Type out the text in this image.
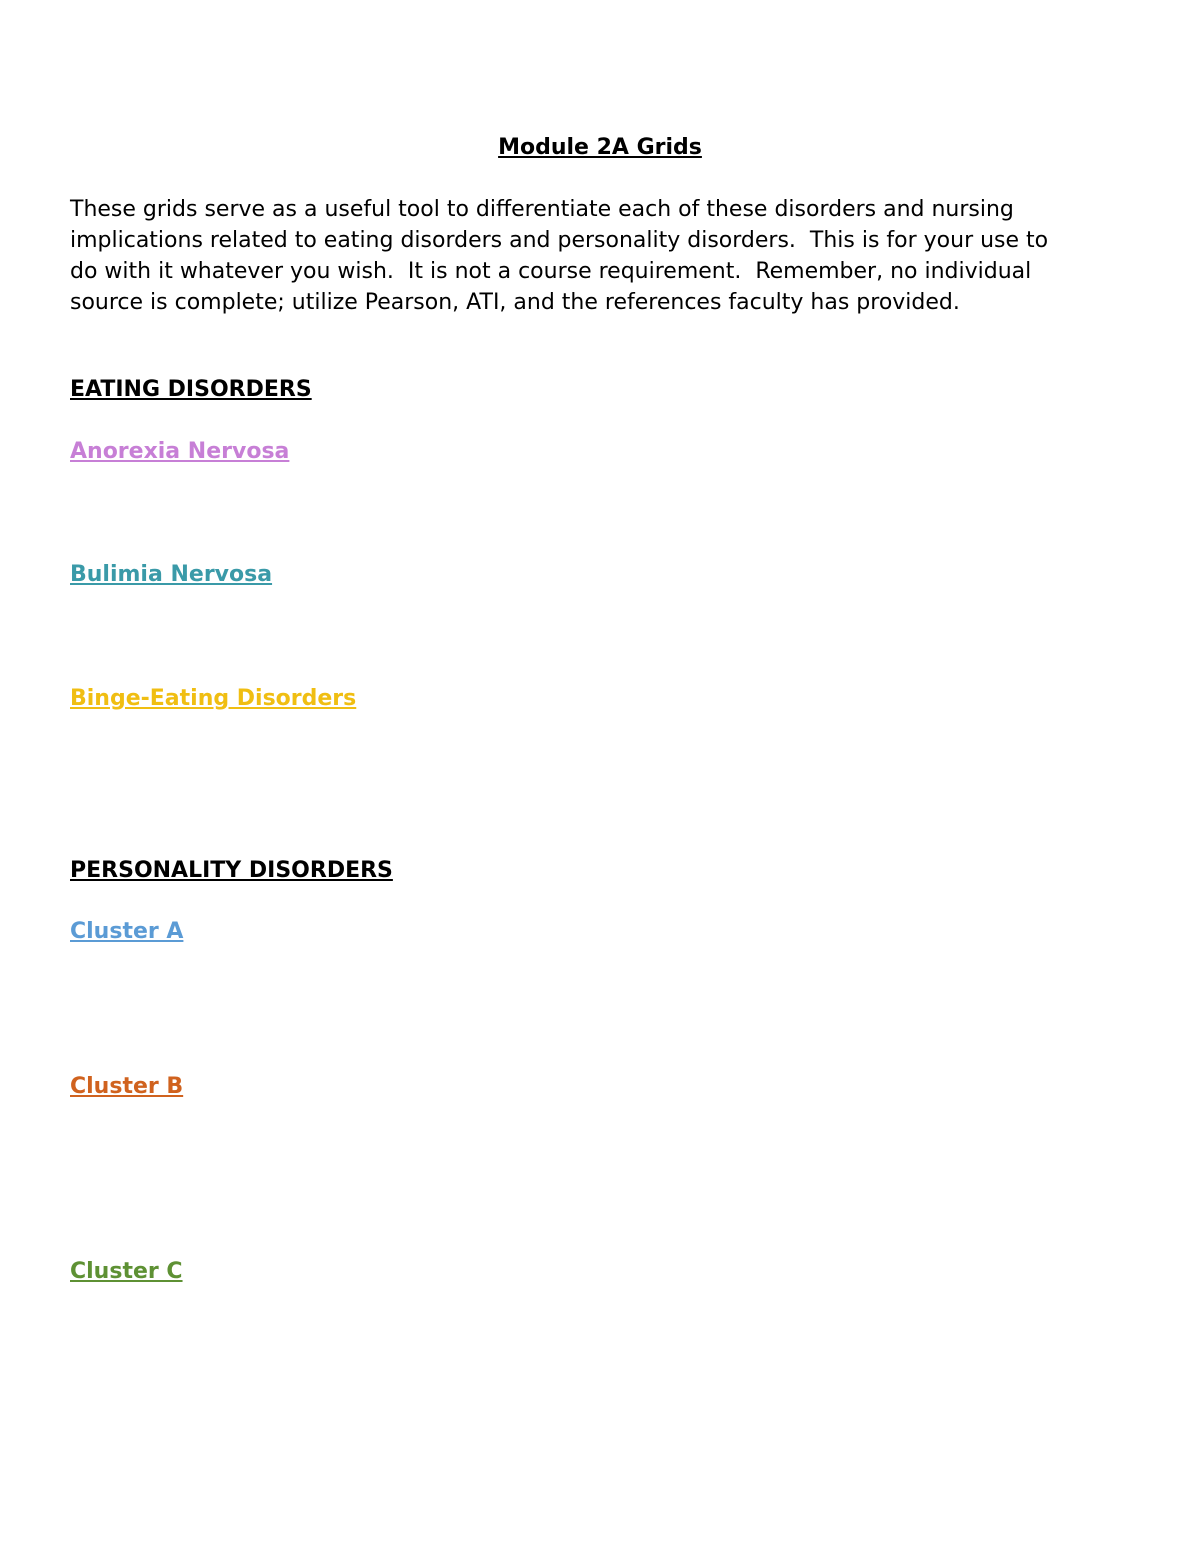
Module 2A Grids

These grids serve as a useful tool to differentiate each of these disorders and nursing
implications related to eating disorders and personality disorders.  This is for your use to
do with it whatever you wish.  It is not a course requirement.  Remember, no individual
source is complete; utilize Pearson, ATI, and the references faculty has provided.

EATING DISORDERS

Anorexia Nervosa

Bulimia Nervosa

Binge-Eating Disorders

PERSONALITY DISORDERS

Cluster A

Cluster B

Cluster C
